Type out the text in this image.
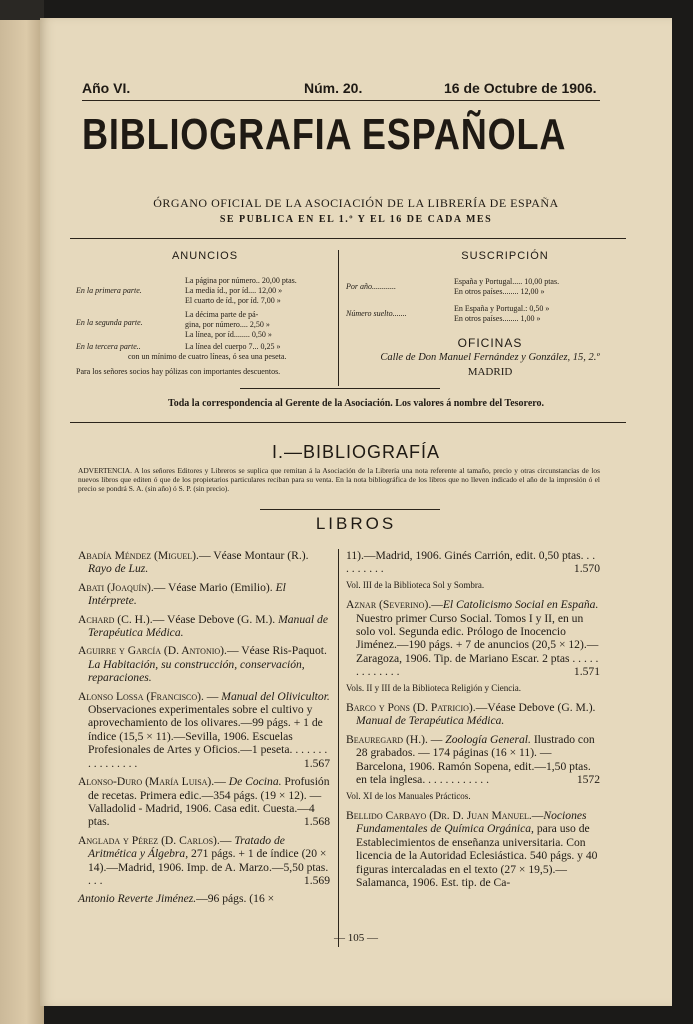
Año VI.	Núm. 20.	16 de Octubre de 1906.
BIBLIOGRAFIA ESPAÑOLA
ÓRGANO OFICIAL DE LA ASOCIACIÓN DE LA LIBRERÍA DE ESPAÑA
SE PUBLICA EN EL 1.º Y EL 16 DE CADA MES
ANUNCIOS
En la primera parte.
La página por número.. 20,00 ptas.
La media íd., por íd.... 12,00 »
El cuarto de íd., por íd. 7,00 »
En la segunda parte.
La décima parte de pá-
gina, por número.... 2,50 »
La línea, por íd........ 0,50 »
En la tercera parte..	La línea del cuerpo 7... 0,25 »
con un mínimo de cuatro líneas, ó sea una peseta.
Para los señores socios hay pólizas con importantes descuentos.
SUSCRIPCIÓN
Por año............
España y Portugal..... 10,00 ptas.
En otros países........ 12,00 »
Número suelto.......
En España y Portugal.: 0,50 »
En otros países........ 1,00 »
OFICINAS
Calle de Don Manuel Fernández y González, 15, 2.º
MADRID
Toda la correspondencia al Gerente de la Asociación. Los valores á nombre del Tesorero.
I.—BIBLIOGRAFÍA
ADVERTENCIA. A los señores Editores y Libreros se suplica que remitan á la Asociación de la Librería una nota referente al tamaño, precio y otras circunstancias de los nuevos libros que editen ó que de los propietarios particulares reciban para su venta. En la nota bibliográfica de los libros que no lleven indicado el año de la impresión ó el precio se pondrá S. A. (sin año) ó S. P. (sin precio).
LIBROS
Abadía Méndez (Miguel).— Véase Montaur (R.). Rayo de Luz.
Abati (Joaquín).— Véase Mario (Emilio). El Intérprete.
Achard (C. H.).— Véase Debove (G. M.). Manual de Terapéutica Médica.
Aguirre y García (D. Antonio).— Véase Ris-Paquot. La Habitación, su construcción, conservación, reparaciones.
Alonso Lossa (Francisco). — Manual del Olivicultor. Observaciones experimentales sobre el cultivo y aprovechamiento de los olivares.—99 págs. + 1 de índice (15,5 × 11).—Sevilla, 1906. Escuelas Profesionales de Artes y Oficios.—1 peseta. . . . . . . . . . . . . . . .	1.567
Alonso-Duro (María Luisa).— De Cocina. Profusión de recetas. Primera edic.—354 págs. (19 × 12). — Valladolid - Madrid, 1906. Casa edit. Cuesta.—4 ptas.	1.568
Anglada y Pérez (D. Carlos).— Tratado de Aritmética y Álgebra, 271 págs. + 1 de índice (20 × 14).—Madrid, 1906. Imp. de A. Marzo.—5,50 ptas. . . .	1.569
Antonio Reverte Jiménez.—96 págs. (16 ×
11).—Madrid, 1906. Ginés Carrión, edit. 0,50 ptas. . . . . . . . . .	1.570
Vol. III de la Biblioteca Sol y Sombra.
Aznar (Severino).—El Catolicismo Social en España. Nuestro primer Curso Social. Tomos I y II, en un solo vol. Segunda edic. Prólogo de Inocencio Jiménez.—190 págs. + 7 de anuncios (20,5 × 12).—Zaragoza, 1906. Tip. de Mariano Escar. 2 ptas . . . . . . . . . . . . .	1.571
Vols. II y III de la Biblioteca Religión y Ciencia.
Barco y Pons (D. Patricio).—Véase Debove (G. M.). Manual de Terapéutica Médica.
Beauregard (H.). — Zoología General. Ilustrado con 28 grabados. — 174 páginas (16 × 11). — Barcelona, 1906. Ramón Sopena, edit.—1,50 ptas. en tela inglesa. . . . . . . . . . . .	1572
Vol. XI de los Manuales Prácticos.
Bellido Carbayo (Dr. D. Juan Manuel.—Nociones Fundamentales de Química Orgánica, para uso de Establecimientos de enseñanza universitaria. Con licencia de la Autoridad Eclesiástica. 540 págs. y 40 figuras intercaladas en el texto (27 × 19,5).—Salamanca, 1906. Est. tip. de Ca-
— 105 —
